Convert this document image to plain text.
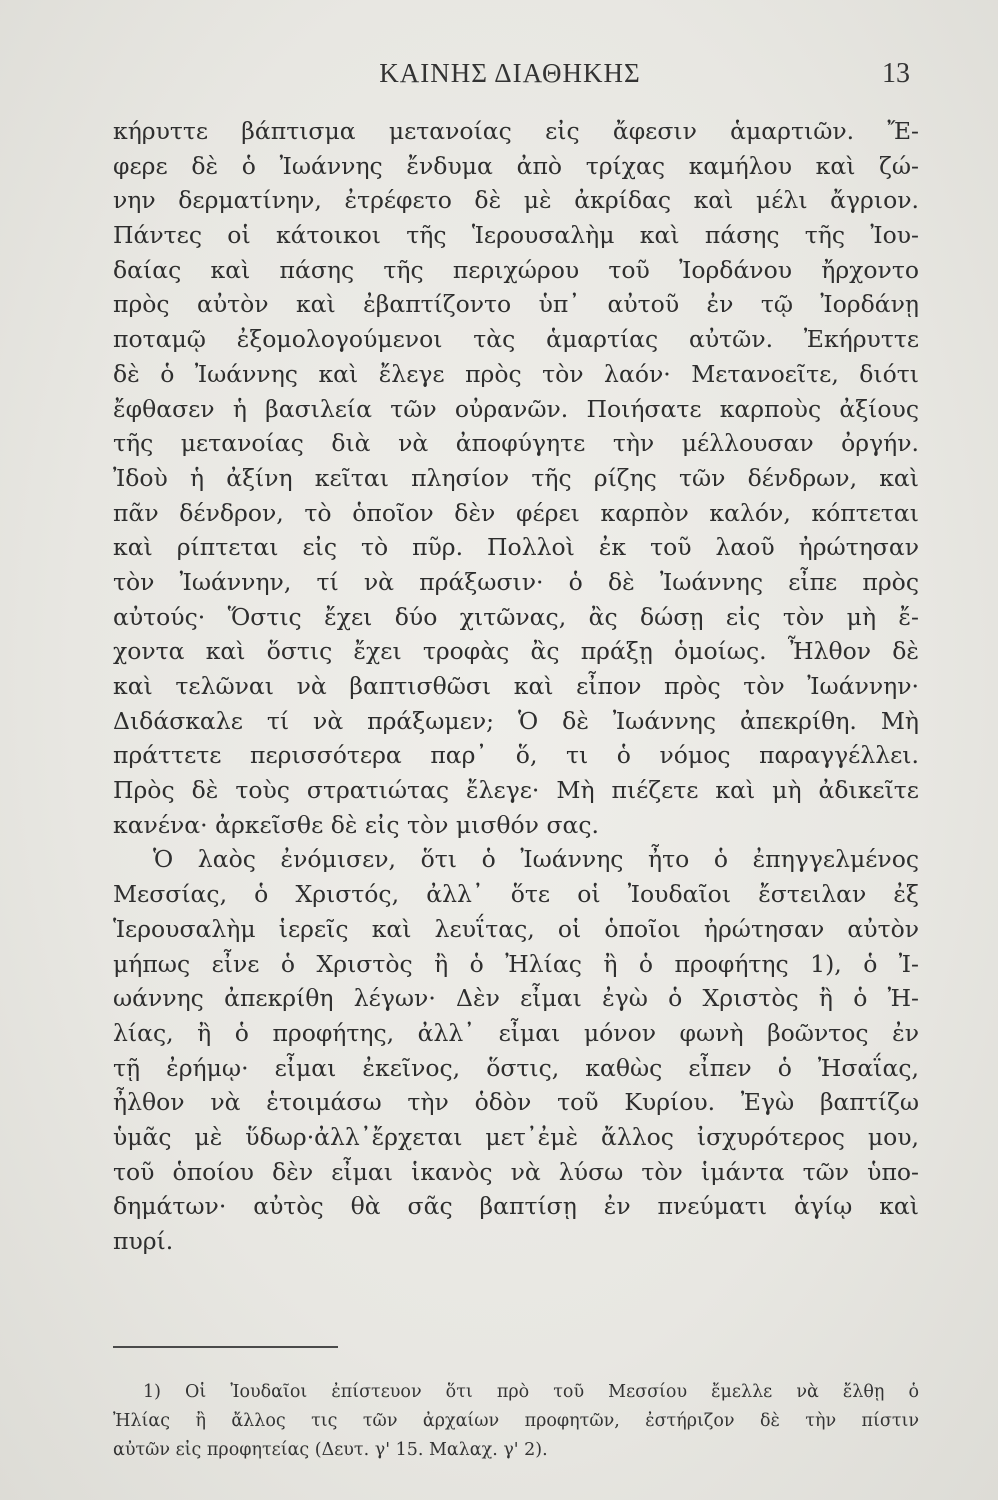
ΚΑΙΝΗΣ ΔΙΑΘΗΚΗΣ	13
κήρυττε βάπτισμα μετανοίας εἰς ἄφεσιν ἁμαρτιῶν. Ἔ-
φερε δὲ ὁ Ἰωάννης ἔνδυμα ἀπὸ τρίχας καμήλου καὶ ζώ-
νην δερματίνην, ἐτρέφετο δὲ μὲ ἀκρίδας καὶ μέλι ἄγριον.
Πάντες οἱ κάτοικοι τῆς Ἱερουσαλὴμ καὶ πάσης τῆς Ἰου-
δαίας καὶ πάσης τῆς περιχώρου τοῦ Ἰορδάνου ἤρχοντο
πρὸς αὐτὸν καὶ ἐβαπτίζοντο ὑπ᾿ αὐτοῦ ἐν τῷ Ἰορδάνῃ
ποταμῷ ἐξομολογούμενοι τὰς ἁμαρτίας αὐτῶν. Ἐκήρυττε
δὲ ὁ Ἰωάννης καὶ ἔλεγε πρὸς τὸν λαόν· Μετανοεῖτε, διότι
ἔφθασεν ἡ βασιλεία τῶν οὐρανῶν. Ποιήσατε καρποὺς ἀξίους
τῆς μετανοίας διὰ νὰ ἀποφύγητε τὴν μέλλουσαν ὀργήν.
Ἰδοὺ ἡ ἀξίνη κεῖται πλησίον τῆς ρίζης τῶν δένδρων, καὶ
πᾶν δένδρον, τὸ ὁποῖον δὲν φέρει καρπὸν καλόν, κόπτεται
καὶ ρίπτεται εἰς τὸ πῦρ. Πολλοὶ ἐκ τοῦ λαοῦ ἠρώτησαν
τὸν Ἰωάννην, τί νὰ πράξωσιν· ὁ δὲ Ἰωάννης εἶπε πρὸς
αὐτούς· Ὅστις ἔχει δύο χιτῶνας, ἂς δώσῃ εἰς τὸν μὴ ἔ-
χοντα καὶ ὅστις ἔχει τροφὰς ἂς πράξῃ ὁμοίως. Ἦλθον δὲ
καὶ τελῶναι νὰ βαπτισθῶσι καὶ εἶπον πρὸς τὸν Ἰωάννην·
Διδάσκαλε τί νὰ πράξωμεν; Ὁ δὲ Ἰωάννης ἀπεκρίθη. Μὴ
πράττετε περισσότερα παρ᾿ ὅ, τι ὁ νόμος παραγγέλλει.
Πρὸς δὲ τοὺς στρατιώτας ἔλεγε· Μὴ πιέζετε καὶ μὴ ἀδικεῖτε
κανένα· ἀρκεῖσθε δὲ εἰς τὸν μισθόν σας.
Ὁ λαὸς ἐνόμισεν, ὅτι ὁ Ἰωάννης ἦτο ὁ ἐπηγγελμένος
Μεσσίας, ὁ Χριστός, ἀλλ᾿ ὅτε οἱ Ἰουδαῖοι ἔστειλαν ἐξ
Ἱερουσαλὴμ ἱερεῖς καὶ λευΐτας, οἱ ὁποῖοι ἠρώτησαν αὐτὸν
μήπως εἶνε ὁ Χριστὸς ἢ ὁ Ἠλίας ἢ ὁ προφήτης 1), ὁ Ἰ-
ωάννης ἀπεκρίθη λέγων· Δὲν εἶμαι ἐγὼ ὁ Χριστὸς ἢ ὁ Ἠ-
λίας, ἢ ὁ προφήτης, ἀλλ᾿ εἶμαι μόνον φωνὴ βοῶντος ἐν
τῇ ἐρήμῳ· εἶμαι ἐκεῖνος, ὅστις, καθὼς εἶπεν ὁ Ἠσαΐας,
ἦλθον νὰ ἑτοιμάσω τὴν ὁδὸν τοῦ Κυρίου. Ἐγὼ βαπτίζω
ὑμᾶς μὲ ὕδωρ·ἀλλ᾿ἔρχεται μετ᾿ἐμὲ ἄλλος ἰσχυρότερος μου,
τοῦ ὁποίου δὲν εἶμαι ἱκανὸς νὰ λύσω τὸν ἱμάντα τῶν ὑπο-
δημάτων· αὐτὸς θὰ σᾶς βαπτίσῃ ἐν πνεύματι ἁγίῳ καὶ
πυρί.
1) Οἱ Ἰουδαῖοι ἐπίστευον ὅτι πρὸ τοῦ Μεσσίου ἔμελλε νὰ ἔλθῃ ὁ
Ἠλίας ἢ ἄλλος τις τῶν ἀρχαίων προφητῶν, ἐστήριζον δὲ τὴν πίστιν
αὐτῶν εἰς προφητείας (Δευτ. γ' 15. Μαλαχ. γ' 2).
